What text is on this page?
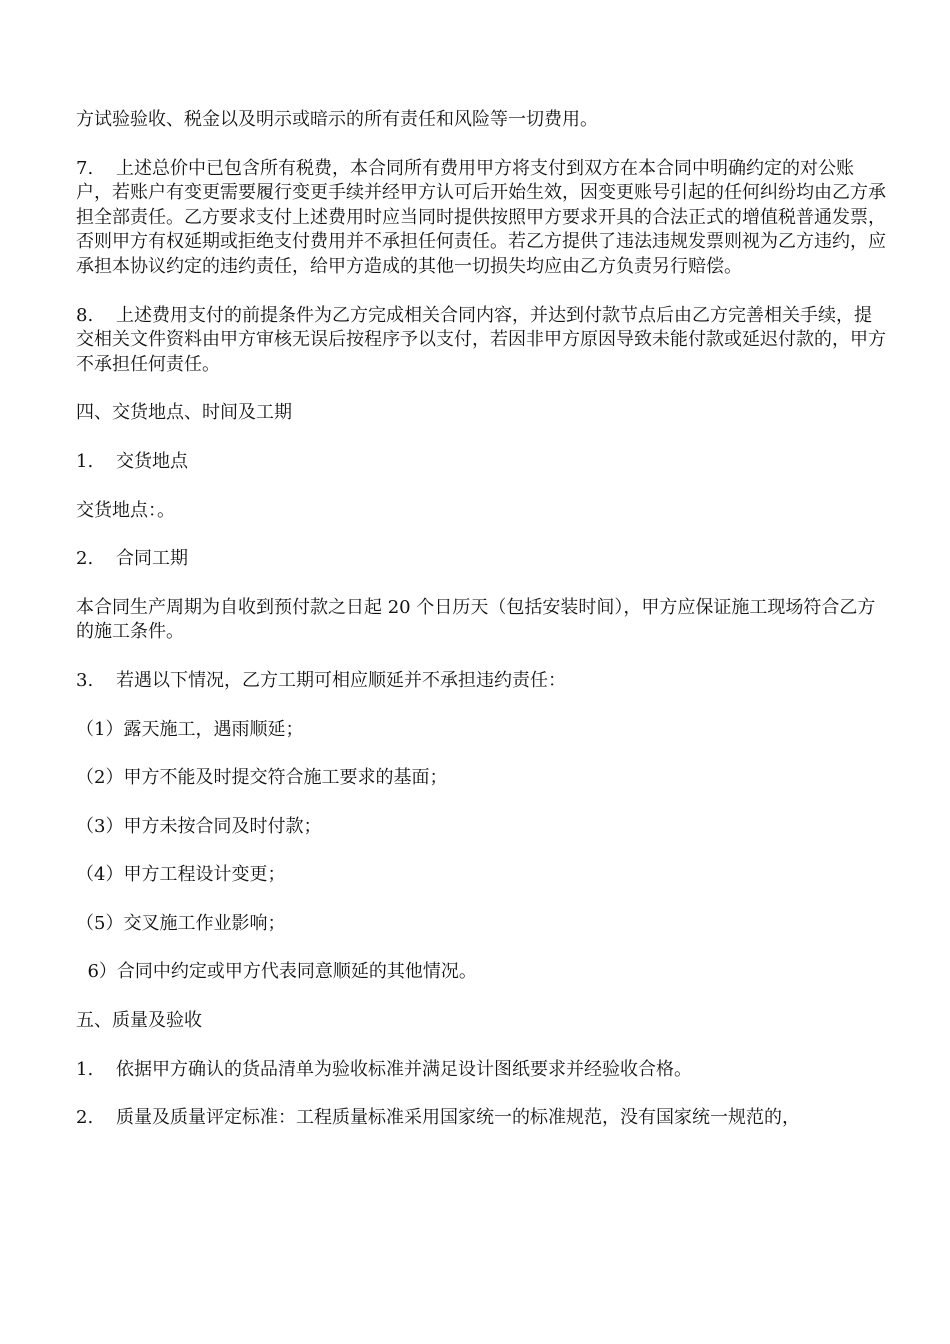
方试验验收、税金以及明示或暗示的所有责任和风险等一切费用。

7. 上述总价中已包含所有税费，本合同所有费用甲方将支付到双方在本合同中明确约定的对公账户，若账户有变更需要履行变更手续并经甲方认可后开始生效，因变更账号引起的任何纠纷均由乙方承担全部责任。乙方要求支付上述费用时应当同时提供按照甲方要求开具的合法正式的增值税普通发票，否则甲方有权延期或拒绝支付费用并不承担任何责任。若乙方提供了违法违规发票则视为乙方违约，应承担本协议约定的违约责任，给甲方造成的其他一切损失均应由乙方负责另行赔偿。

8. 上述费用支付的前提条件为乙方完成相关合同内容，并达到付款节点后由乙方完善相关手续，提交相关文件资料由甲方审核无误后按程序予以支付，若因非甲方原因导致未能付款或延迟付款的，甲方不承担任何责任。

四、交货地点、时间及工期

1. 交货地点

交货地点：。

2. 合同工期

本合同生产周期为自收到预付款之日起 20 个日历天（包括安装时间），甲方应保证施工现场符合乙方的施工条件。

3. 若遇以下情况，乙方工期可相应顺延并不承担违约责任：

（1）露天施工，遇雨顺延；

（2）甲方不能及时提交符合施工要求的基面；

（3）甲方未按合同及时付款；

（4）甲方工程设计变更；

（5）交叉施工作业影响；

6）合同中约定或甲方代表同意顺延的其他情况。

五、质量及验收

1. 依据甲方确认的货品清单为验收标准并满足设计图纸要求并经验收合格。

2. 质量及质量评定标准：工程质量标准采用国家统一的标准规范，没有国家统一规范的，
